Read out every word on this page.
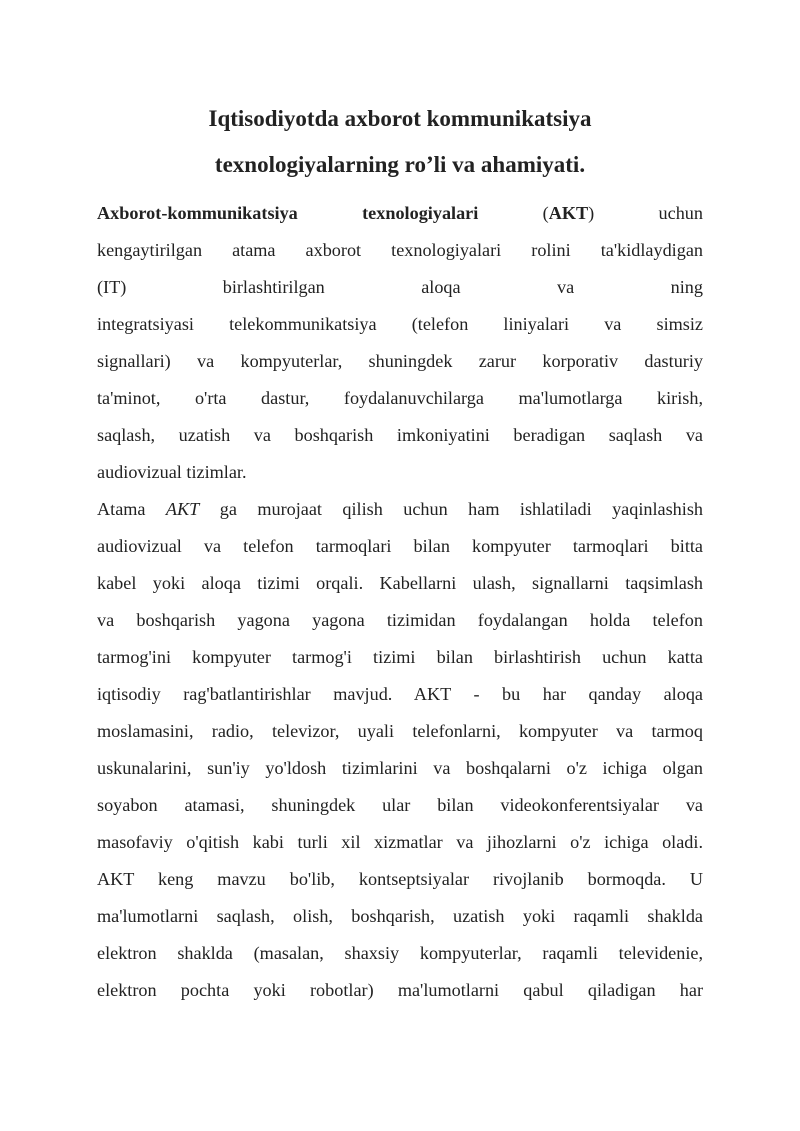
Iqtisodiyotda axborot kommunikatsiya
texnologiyalarning ro’li va ahamiyati.
Axborot-kommunikatsiya	texnologiyalari (AKT) uchun
kengaytirilgan atama axborot texnologiyalari rolini ta'kidlaydigan
(IT) birlashtirilgan aloqa va ning
integratsiyasi telekommunikatsiya (telefon liniyalari va simsiz
signallari) va kompyuterlar, shuningdek zarur korporativ dasturiy
ta'minot, o'rta dastur, foydalanuvchilarga ma'lumotlarga kirish,
saqlash, uzatish va boshqarish imkoniyatini beradigan saqlash va
audiovizual tizimlar.
Atama AKT ga murojaat qilish uchun ham ishlatiladi yaqinlashish
audiovizual va telefon tarmoqlari bilan kompyuter tarmoqlari bitta
kabel yoki aloqa tizimi orqali. Kabellarni ulash, signallarni taqsimlash
va boshqarish yagona yagona tizimidan foydalangan holda telefon
tarmog'ini kompyuter tarmog'i tizimi bilan birlashtirish uchun katta
iqtisodiy rag'batlantirishlar mavjud. AKT - bu har qanday aloqa
moslamasini, radio, televizor, uyali telefonlarni, kompyuter va tarmoq
uskunalarini, sun'iy yo'ldosh tizimlarini va boshqalarni o'z ichiga olgan
soyabon atamasi, shuningdek ular bilan videokonferentsiyalar va
masofaviy o'qitish kabi turli xil xizmatlar va jihozlarni o'z ichiga oladi.
AKT keng mavzu bo'lib, kontseptsiyalar rivojlanib bormoqda. U
ma'lumotlarni saqlash, olish, boshqarish, uzatish yoki raqamli shaklda
elektron shaklda (masalan, shaxsiy kompyuterlar, raqamli televidenie,
elektron pochta yoki robotlar) ma'lumotlarni qabul qiladigan har
